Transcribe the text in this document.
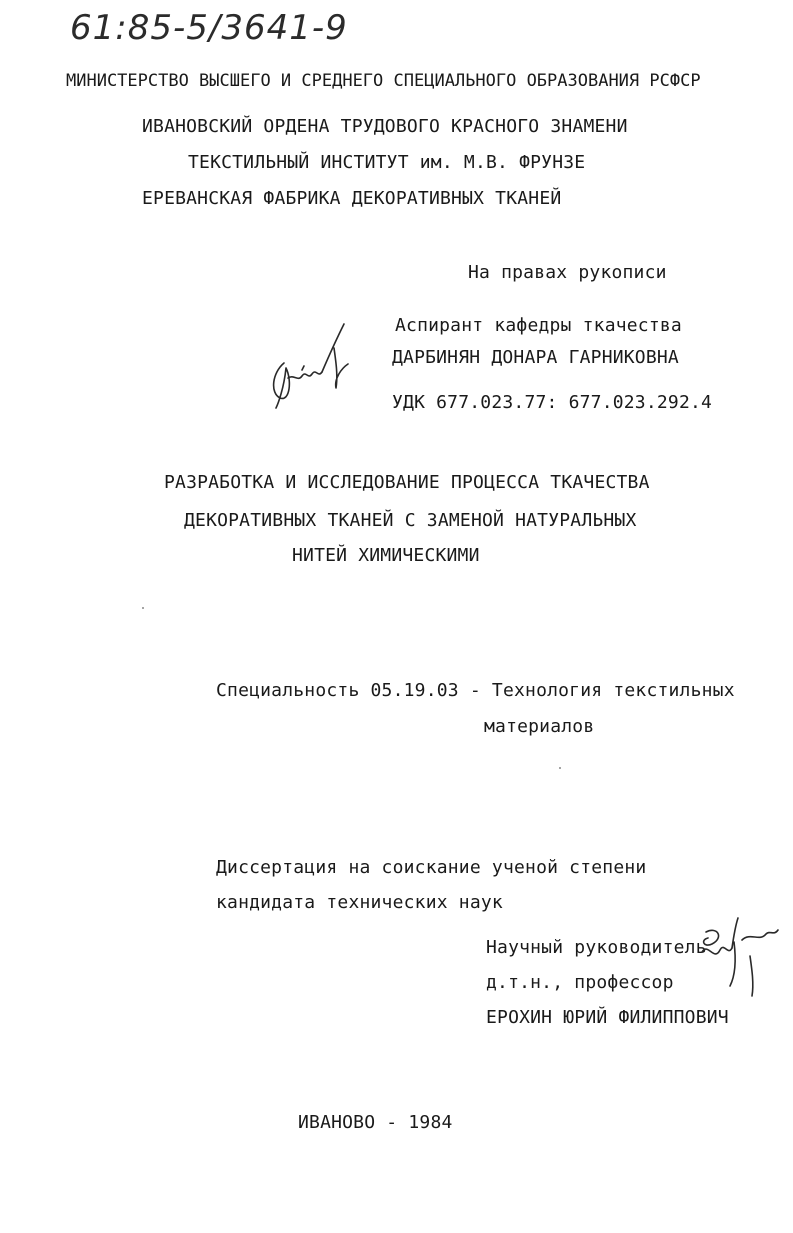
61:85-5/3641-9
МИНИСТЕРСТВО ВЫСШЕГО И СРЕДНЕГО СПЕЦИАЛЬНОГО ОБРАЗОВАНИЯ РСФСР
ИВАНОВСКИЙ ОРДЕНА ТРУДОВОГО КРАСНОГО ЗНАМЕНИ
ТЕКСТИЛЬНЫЙ ИНСТИТУТ им. М.В. ФРУНЗЕ
ЕРЕВАНСКАЯ ФАБРИКА ДЕКОРАТИВНЫХ ТКАНЕЙ
На правах рукописи
Аспирант кафедры ткачества
ДАРБИНЯН ДОНАРА ГАРНИКОВНА
УДК 677.023.77: 677.023.292.4
РАЗРАБОТКА И ИССЛЕДОВАНИЕ ПРОЦЕССА ТКАЧЕСТВА
ДЕКОРАТИВНЫХ ТКАНЕЙ С ЗАМЕНОЙ НАТУРАЛЬНЫХ
НИТЕЙ ХИМИЧЕСКИМИ
Специальность 05.19.03 - Технология текстильных
материалов
Диссертация на соискание ученой степени
кандидата технических наук
Научный руководитель
д.т.н., профессор
ЕРОХИН ЮРИЙ ФИЛИППОВИЧ
ИВАНОВО - 1984
